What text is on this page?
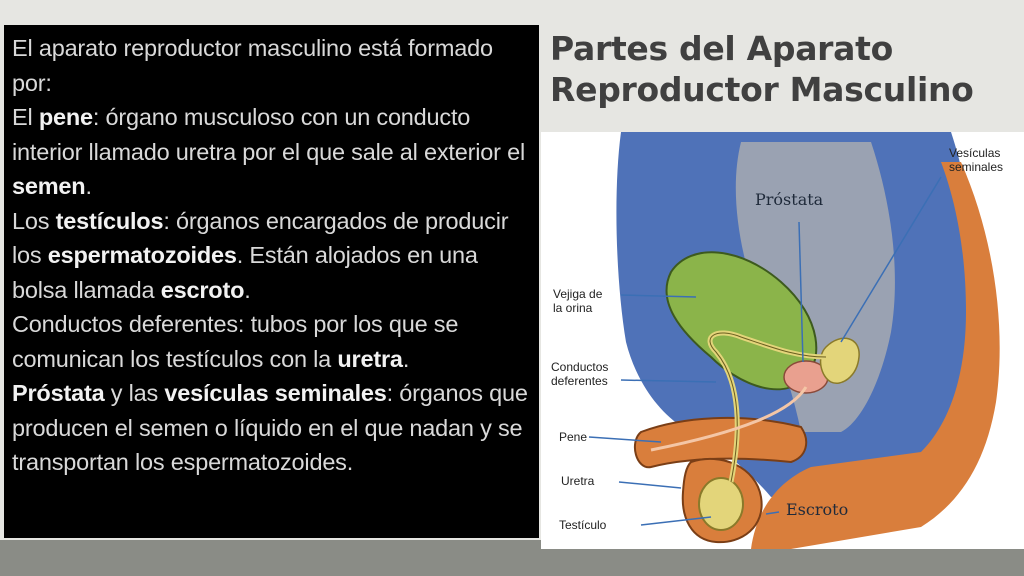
El aparato reproductor masculino está formado por:

El pene: órgano musculoso con un conducto interior llamado uretra por el que sale al exterior el semen.

Los testículos: órganos encargados de producir los espermatozoides. Están alojados en una bolsa llamada escroto.

Conductos deferentes: tubos por los que se comunican los testículos con la uretra.

Próstata y las vesículas seminales: órganos que producen el semen o líquido en el que nadan y se transportan los espermatozoides.

Partes del Aparato
Reproductor Masculino
Próstata
Vesículas
seminales
Vejiga de
la orina
Conductos
deferentes
Pene
Uretra
Testículo
Escroto
